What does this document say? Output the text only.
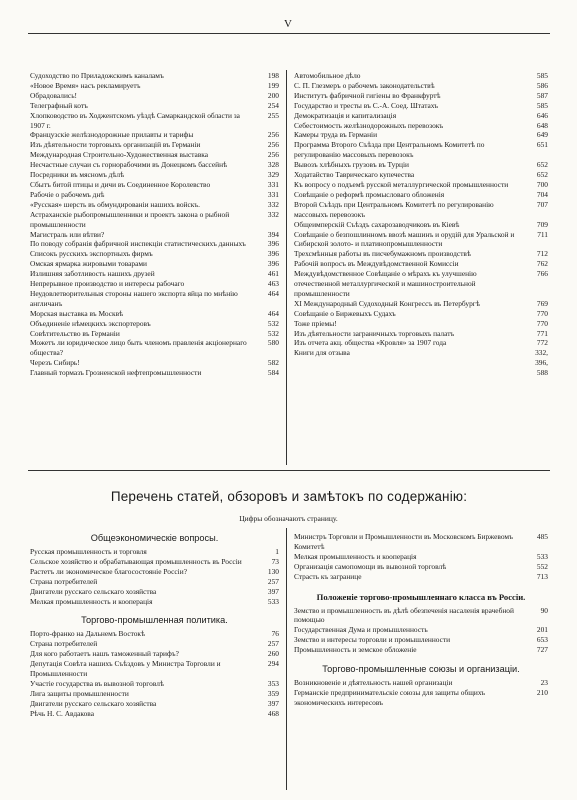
V
Судоходство по Приладожскимъ каналамъ	198
«Новое Время» насъ рекламируетъ	199
Обрадовались!	200
Телеграфный котъ	254
Хлопководство въ Ходжентскомъ уѣздѣ Самаркандской области за 1907 г.
255
Французскіе желѣзнодорожные прилавты и тарифы	256
Изъ дѣятельности торговыхъ организацій въ Германіи	256
Международная Строительно-Художественная выставка	256
Несчастные случаи съ горнорабочими въ Донецкомъ бассейнѣ	328
Посредники въ мясномъ дѣлѣ	329
Сбытъ битой птицы и дичи въ Соединенное Королевство	331
Рабочіе о рабочемъ днѣ	331
«Русская» шерсть въ обмундированіи нашихъ войскъ.	332
Астраханскіе рыбопромышленники и проектъ закона о рыбной промышленности
332
Магистраль или вѣтви?	394
По поводу собранія фабричной инспекціи статистическихъ данныхъ	396
Списокъ русскихъ экспортныхъ фирмъ	396
Омская ярмарка жировыми товарами	396
Излишняя заботливость нашихъ друзей	461
Непрерывное производство и интересы рабочаго	463
Неудовлетворительныя стороны нашего экспорта яйца по мнѣнію англичанъ
464
Морская выставка въ Москвѣ	464
Объединеніе нѣмецкихъ экспортеровъ	532
Совѣтительство въ Германіи	532
Можетъ ли юридическое лицо быть членомъ правленія акціонернаго общества?
580
Черезъ Сибирь!	582
Главный тормазъ Грозненской нефтепромышленности	584
Автомобильное дѣло	585
С. П. Глезмеръ о рабочемъ законодательствѣ	586
Институтъ фабричной гигіены во Франкфуртѣ	587
Государство и тресты въ С.-А. Соед. Штатахъ	585
Демократизація и капитализація	646
Себестоимость желѣзнодорожныхъ перевозокъ	648
Камеры труда въ Германіи	649
Программа Второго Съѣзда при Центральномъ Комитетѣ по регулированію массовыхъ перевозокъ
651
Вывозъ хлѣбныхъ грузовъ въ Турціи	652
Ходатайство Таврическаго купечества	652
Къ вопросу о подъемѣ русской металлургической промышленности	700
Совѣщаніе о реформѣ промысловаго обложенія	704
Второй Съѣздъ при Центральномъ Комитетѣ по регулированію массовыхъ перевозокъ
707
Общеимперскій Съѣздъ сахарозаводчиковъ въ Кіевѣ	709
Совѣщаніе о безпошлинномъ ввозѣ машинъ и орудій для Уральской и Сибирской золото- и платинопромышленности
711
Трехсмѣнныя работы въ писчебумажномъ производствѣ	712
Рабочій вопросъ въ Междувѣдомственной Комиссіи	762
Междувѣдомственное Совѣщаніе о мѣрахъ къ улучшенію отечественной металлургической и машиностроительной промышленности
766
XI Международный Судоходный Конгрессъ въ Петербургѣ	769
Совѣщаніе о Биржевыхъ Судахъ	770
Тоже пріемы!	770
Изъ дѣятельности заграничныхъ торговыхъ палатъ	771
Изъ отчета акц. общества «Кровля» за 1907 года	772
Книги для отзыва	332, 396, 588
Перечень статей, обзоровъ и замѣтокъ по содержанію:
Цифры обозначаютъ страницу.
Общеэкономическіе вопросы.
Русская промышленность и торговля	1
Сельское хозяйство и обрабатывающая промышленность въ Россіи	73
Растетъ ли экономическое благосостояніе Россіи?	130
Страна потребителей	257
Двигатели русскаго сельскаго хозяйства	397
Мелкая промышленность и кооперація	533
Торгово-промышленная политика.
Порто-франко на Дальнемъ Востокѣ	76
Страна потребителей	257
Для кого работаетъ нашъ таможенный тарифъ?	260
Депутація Совѣта нашихъ Съѣздовъ у Министра Торговли и Промышленности
294
Участіе государства въ вывозной торговлѣ	353
Лига защиты промышленности	359
Двигатели русскаго сельскаго хозяйства	397
Рѣчь Н. С. Авдакова	468
Министръ Торговли и Промышленности въ Московскомъ Биржевомъ Комитетѣ
485
Мелкая промышленность и кооперація	533
Организація самопомощи въ вывозной торговлѣ	552
Страсть къ загранице	713
Положеніе торгово-промышленнаго класса въ Россіи.
Земство и промышленность въ дѣлѣ обезпеченія насаленія врачебной помощью
90
Государственная Дума и промышленность	201
Земство и интересы торговли и промышленности	653
Промышленность и земское обложеніе	727
Торгово-промышленные союзы и организаціи.
Возникновеніе и дѣятельность нашей организаціи	23
Германскіе предпринимательскіе союзы для защиты общихъ экономическихъ интересовъ
210
